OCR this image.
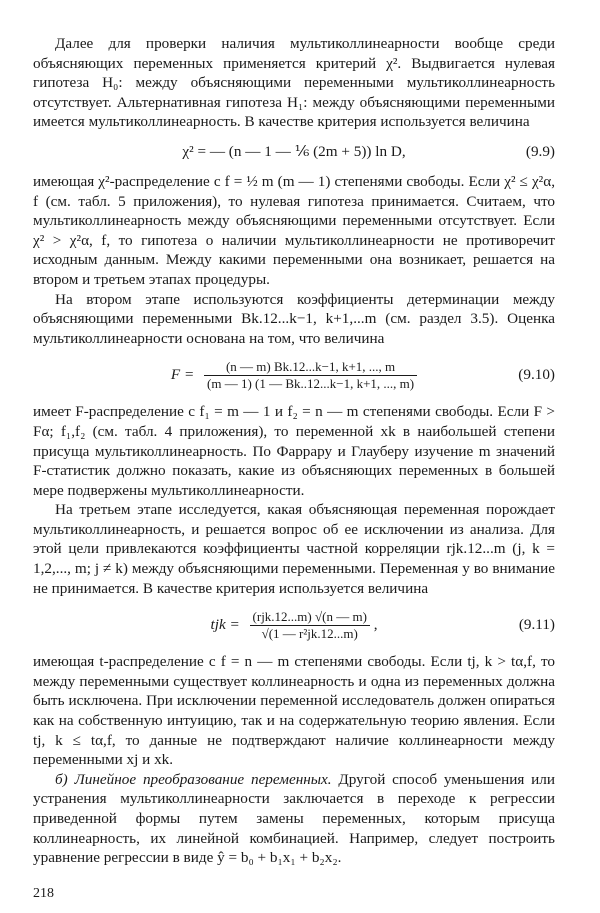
Далее для проверки наличия мультиколлинеарности вообще среди объясняющих переменных применяется критерий χ². Выдвигается нулевая гипотеза H₀: между объясняющими переменными мультиколлинеарность отсутствует. Альтернативная гипотеза H₁: между объясняющими переменными имеется мультиколлинеарность. В качестве критерия используется величина

χ² = — (n — 1 — ⅙ (2m + 5)) ln D,	(9.9)

имеющая χ²-распределение с f = ½ m (m — 1) степенями свободы. Если χ² ≤ χ²α, f (см. табл. 5 приложения), то нулевая гипотеза принимается. Считаем, что мультиколлинеарность между объясняющими переменными отсутствует. Если χ² > χ²α, f, то гипотеза о наличии мультиколлинеарности не противоречит исходным данным. Между какими переменными она возникает, решается на втором и третьем этапах процедуры.

На втором этапе используются коэффициенты детерминации между объясняющими переменными Bk.12...k−1, k+1,...m (см. раздел 3.5). Оценка мультиколлинеарности основана на том, что величина

$F = \frac{(n — m) Bk.12...k-1, k+1, ..., m}{(m — 1) (1 — Bk..12...k-1, k+1, ..., m)}$	(9.10)

имеет F-распределение с f₁ = m — 1 и f₂ = n — m степенями свободы. Если F > Fα; f₁,f₂ (см. табл. 4 приложения), то переменной xk в наибольшей степени присуща мультиколлинеарность. По Фаррару и Глауберу изучение m значений F-статистик должно показать, какие из объясняющих переменных в большей мере подвержены мультиколлинеарности.

На третьем этапе исследуется, какая объясняющая переменная порождает мультиколлинеарность, и решается вопрос об ее исключении из анализа. Для этой цели привлекаются коэффициенты частной корреляции rjk.12...m (j, k = 1,2,..., m; j ≠ k) между объясняющими переменными. Переменная y во внимание не принимается. В качестве критерия используется величина

tjk = $\frac{\text{(rjk.12...m) √(n — m)}}{\text{√(1 — r²jk.12...m)}}$ ,	(9.11)

имеющая t-распределение с f = n — m степенями свободы. Если tj, k > tα,f, то между переменными существует коллинеарность и одна из переменных должна быть исключена. При исключении переменной исследователь должен опираться как на собственную интуицию, так и на содержательную теорию явления. Если tj, k ≤ tα,f, то данные не подтверждают наличие коллинеарности между переменными xj и xk.

б) Линейное преобразование переменных. Другой способ уменьшения или устранения мультиколлинеарности заключается в переходе к регрессии приведенной формы путем замены переменных, которым присуща коллинеарность, их линейной комбинацией. Например, следует построить уравнение регрессии в виде ŷ = b₀ + b₁x₁ + b₂x₂.

218
